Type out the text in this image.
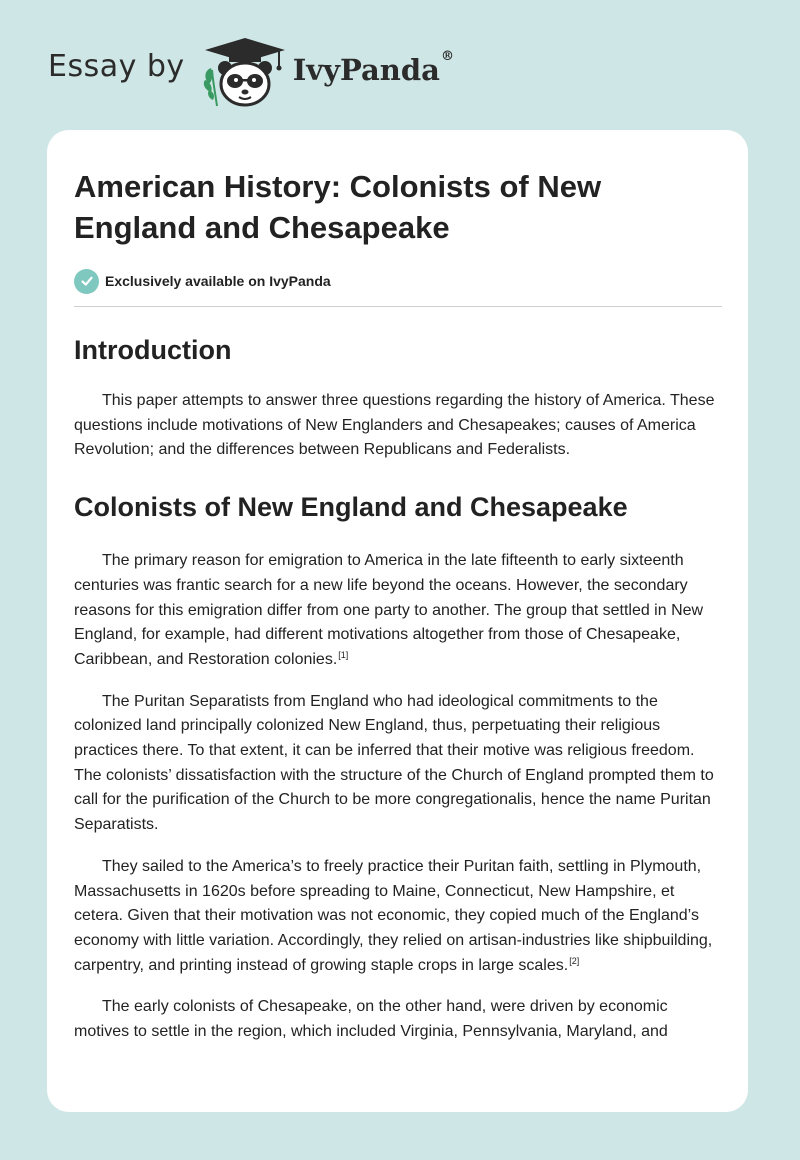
Essay by	IvyPanda®
American History: Colonists of New England and Chesapeake
Exclusively available on IvyPanda
Introduction

This paper attempts to answer three questions regarding the history of America. These questions include motivations of New Englanders and Chesapeakes; causes of America Revolution; and the differences between Republicans and Federalists.

Colonists of New England and Chesapeake

The primary reason for emigration to America in the late fifteenth to early sixteenth centuries was frantic search for a new life beyond the oceans. However, the secondary reasons for this emigration differ from one party to another. The group that settled in New England, for example, had different motivations altogether from those of Chesapeake, Caribbean, and Restoration colonies.[1]

The Puritan Separatists from England who had ideological commitments to the colonized land principally colonized New England, thus, perpetuating their religious practices there. To that extent, it can be inferred that their motive was religious freedom. The colonists’ dissatisfaction with the structure of the Church of England prompted them to call for the purification of the Church to be more congregationalis, hence the name Puritan Separatists.

They sailed to the America’s to freely practice their Puritan faith, settling in Plymouth, Massachusetts in 1620s before spreading to Maine, Connecticut, New Hampshire, et cetera. Given that their motivation was not economic, they copied much of the England’s economy with little variation. Accordingly, they relied on artisan-industries like shipbuilding, carpentry, and printing instead of growing staple crops in large scales.[2]

The early colonists of Chesapeake, on the other hand, were driven by economic motives to settle in the region, which included Virginia, Pennsylvania, Maryland, and
